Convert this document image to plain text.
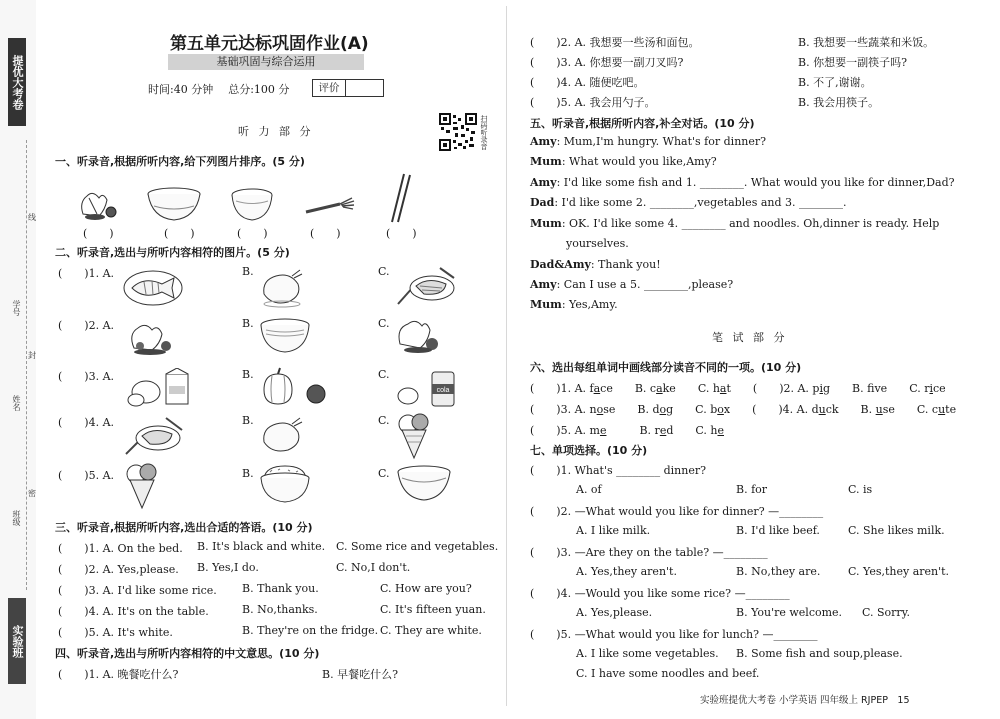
提优大考卷
学号
姓名
班级
线
封
密
实验班
第五单元达标巩固作业(A)
基础巩固与综合运用
时间:40 分钟 总分:100 分	评价
扫码听录音
听 力 部 分
一、听录音,根据所听内容,给下列图片排序。(5 分)
(　　)	(　　)	(　　)	(　　)	(　　)
二、听录音,选出与所听内容相符的图片。(5 分)
(　　)1. A.	B.	C.
(　　)2. A.	B.	C.
(　　)3. A.	B.	C.
(　　)4. A.	B.	C.
(　　)5. A.	B.	C.
cola
三、听录音,根据所听内容,选出合适的答语。(10 分)
(　　)1. A. On the bed. B. It's black and white. C. Some rice and vegetables.
(　　)2. A. Yes,please. B. Yes,I do.	C. No,I don't.
(　　)3. A. I'd like some rice. B. Thank you.	C. How are you?
(　　)4. A. It's on the table.	B. No,thanks.	C. It's fifteen yuan.
(　　)5. A. It's white.	B. They're on the fridge. C. They are white.
四、听录音,选出与所听内容相符的中文意思。(10 分)
(　　)1. A. 晚餐吃什么?	B. 早餐吃什么?
(　　)2. A. 我想要一些汤和面包。	B. 我想要一些蔬菜和米饭。
(　　)3. A. 你想要一副刀叉吗?	B. 你想要一副筷子吗?
(　　)4. A. 随便吃吧。	B. 不了,谢谢。
(　　)5. A. 我会用勺子。	B. 我会用筷子。
五、听录音,根据所听内容,补全对话。(10 分)
Amy: Mum,I'm hungry. What's for dinner?
Mum: What would you like,Amy?
Amy: I'd like some fish and 1. ________. What would you like for dinner,Dad?
Dad: I'd like some 2. ________,vegetables and 3. ________.
Mum: OK. I'd like some 4. ________ and noodles. Oh,dinner is ready. Help
yourselves.
Dad&Amy: Thank you!
Amy: Can I use a 5. ________,please?
Mum: Yes,Amy.
笔 试 部 分
六、选出每组单词中画线部分读音不同的一项。(10 分)
(　　)1. A. face　　B. cake　　C. hat　　(　　)2. A. pig　　B. fve　　C. rice
(　　)3. A. nose　　B. dog　　C. box　　(　　)4. A. duck　　B. use　　C. cute
(　　)5. A. me　　　B. red　　C. he
七、单项选择。(10 分)
(　　)1. What's ________ dinner?
A. of	B. for	C. is
(　　)2. —What would you like for dinner? —________
A. I like milk.	B. I'd like beef.	C. She likes milk.
(　　)3. —Are they on the table? —________
A. Yes,they aren't.	B. No,they are.	C. Yes,they aren't.
(　　)4. —Would you like some rice? —________
A. Yes,please.	B. You're welcome. C. Sorry.
(　　)5. —What would you like for lunch? —________
A. I like some vegetables. B. Some fish and soup,please.
C. I have some noodles and beef.
实验班提优大考卷 小学英语 四年级上 RJPEP　15
